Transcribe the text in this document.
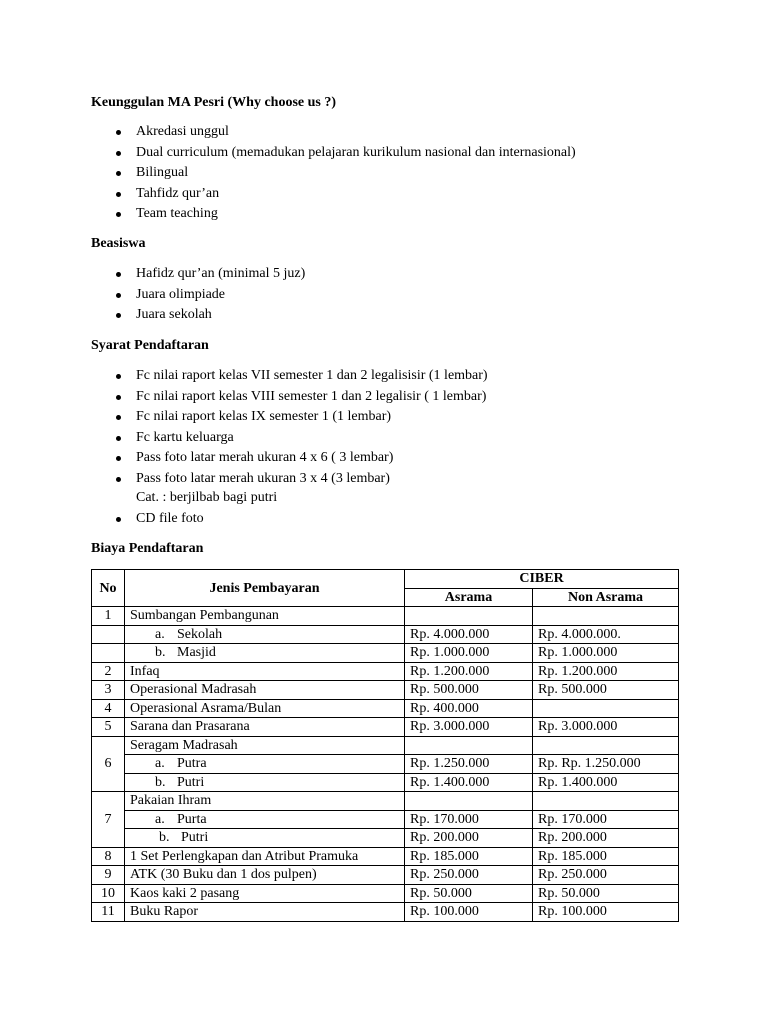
Keunggulan MA Pesri (Why choose us ?)
Akredasi unggul
Dual curriculum (memadukan pelajaran kurikulum nasional dan internasional)
Bilingual
Tahfidz qur’an
Team teaching
Beasiswa
Hafidz qur’an (minimal 5 juz)
Juara olimpiade
Juara sekolah
Syarat Pendaftaran
Fc nilai raport kelas VII semester 1 dan 2 legalisisir (1 lembar)
Fc nilai raport kelas VIII semester 1 dan 2 legalisir ( 1 lembar)
Fc nilai raport kelas IX semester 1 (1 lembar)
Fc kartu keluarga
Pass foto latar merah ukuran 4 x 6 ( 3 lembar)
Pass foto latar merah ukuran 3 x 4 (3 lembar)
Cat. : berjilbab bagi putri
CD file foto
Biaya Pendaftaran
No	Jenis Pembayaran	CIBER	
		Asrama	Non Asrama
1	Sumbangan Pembangunan		
	a. Sekolah	Rp. 4.000.000	Rp. 4.000.000.
	b. Masjid	Rp. 1.000.000	Rp. 1.000.000
2	Infaq	Rp. 1.200.000	Rp. 1.200.000
3	Operasional Madrasah	Rp. 500.000	Rp. 500.000
4	Operasional Asrama/Bulan	Rp. 400.000	
5	Sarana dan Prasarana	Rp. 3.000.000	Rp. 3.000.000
6	Seragam Madrasah		
	a. Putra	Rp. 1.250.000	Rp. Rp. 1.250.000
	b. Putri	Rp. 1.400.000	Rp. 1.400.000
7	Pakaian Ihram		
	a. Purta	Rp. 170.000	Rp. 170.000
	b. Putri	Rp. 200.000	Rp. 200.000
8	1 Set Perlengkapan dan Atribut Pramuka	Rp. 185.000	Rp. 185.000
9	ATK (30 Buku dan 1 dos pulpen)	Rp. 250.000	Rp. 250.000
10	Kaos kaki 2 pasang	Rp. 50.000	Rp. 50.000
11	Buku Rapor	Rp. 100.000	Rp. 100.000
